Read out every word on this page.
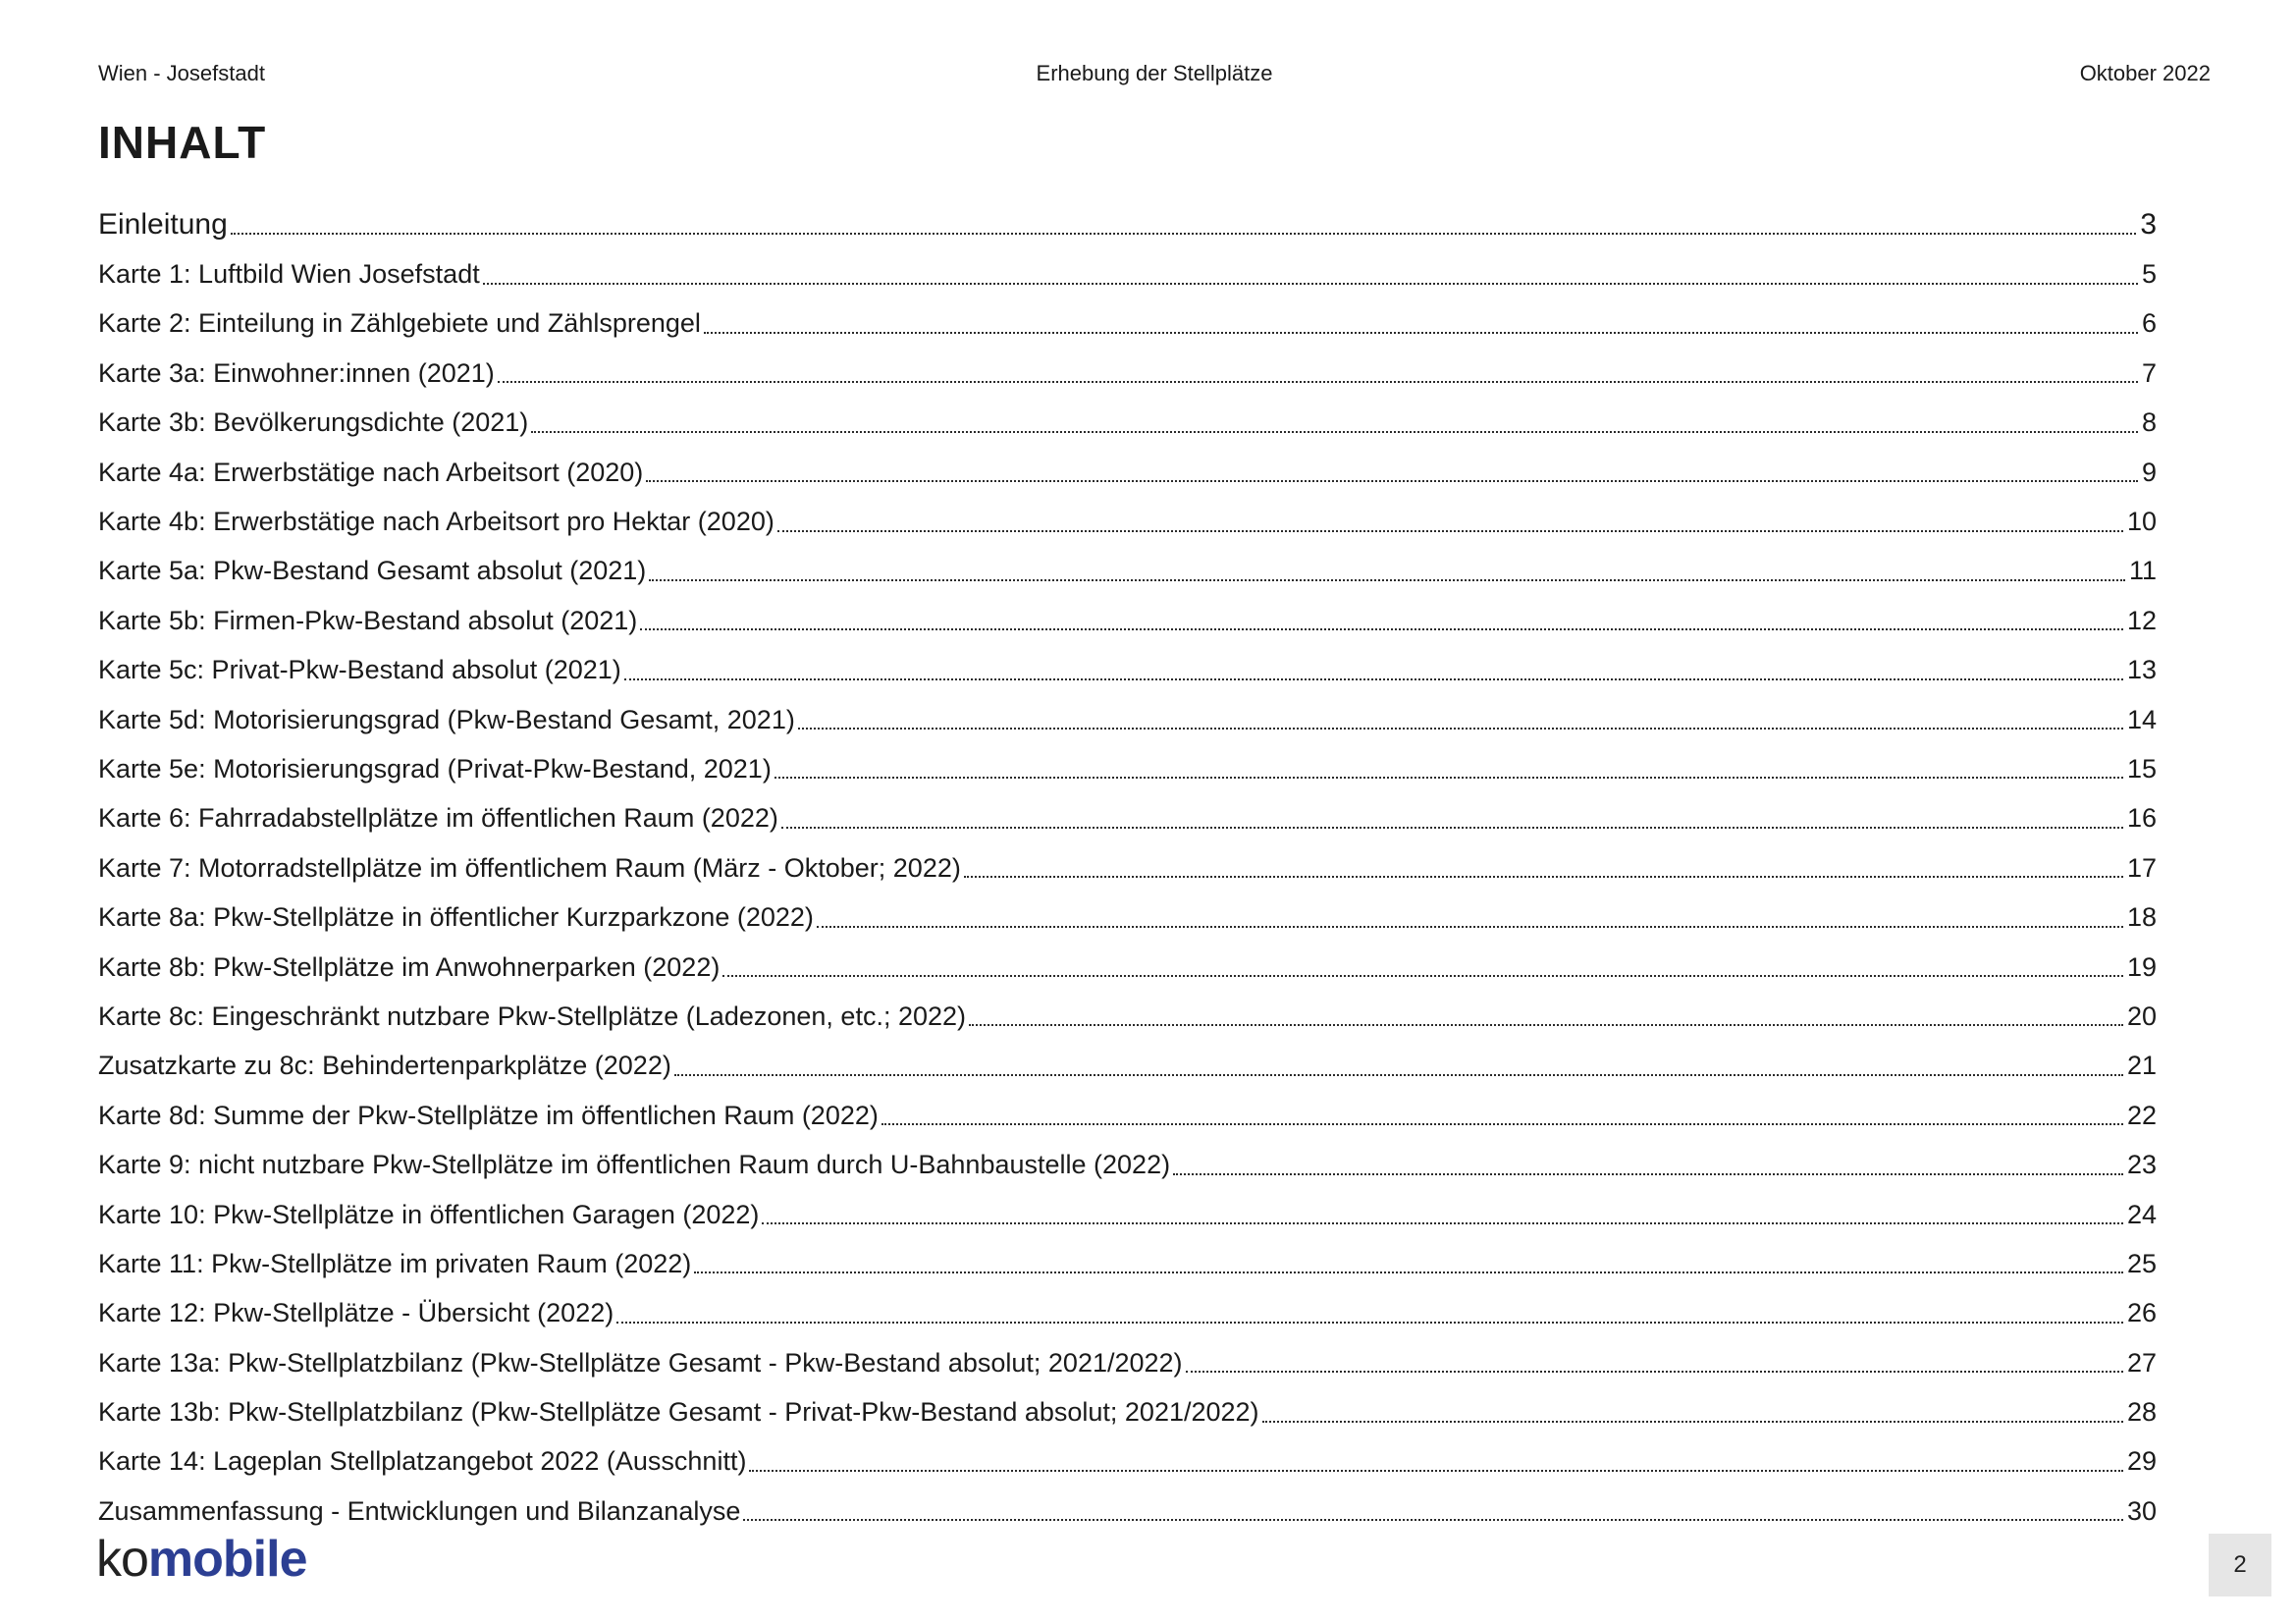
Wien - Josefstadt	Erhebung der Stellplätze	Oktober 2022
INHALT
Einleitung	3
Karte 1: Luftbild Wien Josefstadt	5
Karte 2: Einteilung in Zählgebiete und Zählsprengel	6
Karte 3a: Einwohner:innen (2021)	7
Karte 3b: Bevölkerungsdichte (2021)	8
Karte 4a: Erwerbstätige nach Arbeitsort (2020)	9
Karte 4b: Erwerbstätige nach Arbeitsort pro Hektar (2020)	10
Karte 5a: Pkw-Bestand Gesamt absolut (2021)	11
Karte 5b: Firmen-Pkw-Bestand absolut (2021)	12
Karte 5c: Privat-Pkw-Bestand absolut (2021)	13
Karte 5d: Motorisierungsgrad (Pkw-Bestand Gesamt, 2021)	14
Karte 5e: Motorisierungsgrad (Privat-Pkw-Bestand, 2021)	15
Karte 6: Fahrradabstellplätze im öffentlichen Raum (2022)	16
Karte 7: Motorradstellplätze im öffentlichem Raum (März - Oktober; 2022)	17
Karte 8a: Pkw-Stellplätze in öffentlicher Kurzparkzone (2022)	18
Karte 8b: Pkw-Stellplätze im Anwohnerparken (2022)	19
Karte 8c: Eingeschränkt nutzbare Pkw-Stellplätze (Ladezonen, etc.; 2022)	20
Zusatzkarte zu 8c: Behindertenparkplätze (2022)	21
Karte 8d: Summe der Pkw-Stellplätze im öffentlichen Raum (2022)	22
Karte 9: nicht nutzbare Pkw-Stellplätze im öffentlichen Raum durch U-Bahnbaustelle (2022)	23
Karte 10: Pkw-Stellplätze in öffentlichen Garagen (2022)	24
Karte 11: Pkw-Stellplätze im privaten Raum (2022)	25
Karte 12: Pkw-Stellplätze - Übersicht (2022)	26
Karte 13a: Pkw-Stellplatzbilanz (Pkw-Stellplätze Gesamt - Pkw-Bestand absolut; 2021/2022)	27
Karte 13b: Pkw-Stellplatzbilanz (Pkw-Stellplätze Gesamt - Privat-Pkw-Bestand absolut; 2021/2022)	28
Karte 14: Lageplan Stellplatzangebot 2022 (Ausschnitt)	29
Zusammenfassung - Entwicklungen und Bilanzanalyse	30
komobile	2
